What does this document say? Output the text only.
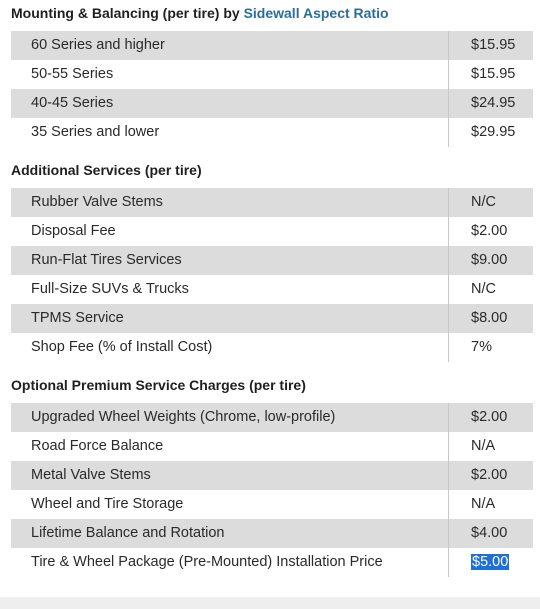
Mounting & Balancing (per tire) by Sidewall Aspect Ratio
60 Series and higher	$15.95
50-55 Series	$15.95
40-45 Series	$24.95
35 Series and lower	$29.95
Additional Services (per tire)
Rubber Valve Stems	N/C
Disposal Fee	$2.00
Run-Flat Tires Services	$9.00
Full-Size SUVs & Trucks	N/C
TPMS Service	$8.00
Shop Fee (% of Install Cost)	7%
Optional Premium Service Charges (per tire)
Upgraded Wheel Weights (Chrome, low-profile)	$2.00
Road Force Balance	N/A
Metal Valve Stems	$2.00
Wheel and Tire Storage	N/A
Lifetime Balance and Rotation	$4.00
Tire & Wheel Package (Pre-Mounted) Installation Price	$5.00
